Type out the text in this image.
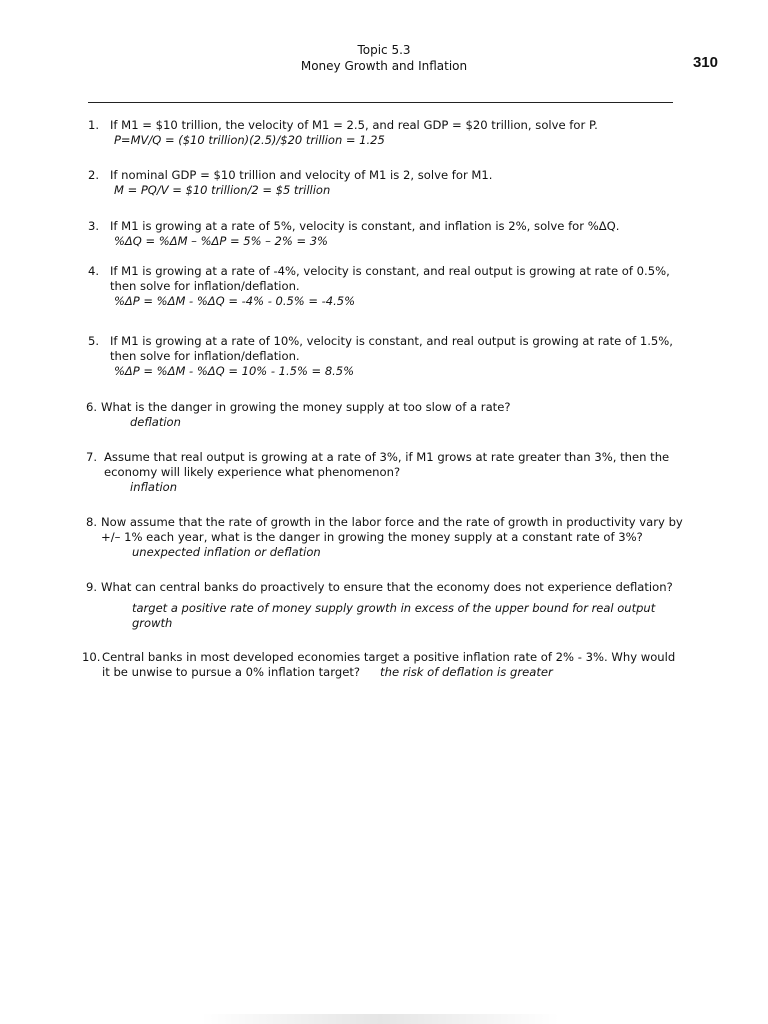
Topic 5.3
Money Growth and Inflation	310
1. If M1 = $10 trillion, the velocity of M1 = 2.5, and real GDP = $20 trillion, solve for P.
P=MV/Q = ($10 trillion)(2.5)/$20 trillion = 1.25
2. If nominal GDP = $10 trillion and velocity of M1 is 2, solve for M1.
M = PQ/V = $10 trillion/2 = $5 trillion
3. If M1 is growing at a rate of 5%, velocity is constant, and inflation is 2%, solve for %ΔQ.
%ΔQ = %ΔM – %ΔP = 5% – 2% = 3%
4. If M1 is growing at a rate of -4%, velocity is constant, and real output is growing at rate of 0.5%,
then solve for inflation/deflation.
%ΔP = %ΔM - %ΔQ = -4% - 0.5% = -4.5%
5. If M1 is growing at a rate of 10%, velocity is constant, and real output is growing at rate of 1.5%,
then solve for inflation/deflation.
%ΔP = %ΔM - %ΔQ = 10% - 1.5% = 8.5%
6. What is the danger in growing the money supply at too slow of a rate?
deflation
7. Assume that real output is growing at a rate of 3%, if M1 grows at rate greater than 3%, then the
economy will likely experience what phenomenon?
inflation
8. Now assume that the rate of growth in the labor force and the rate of growth in productivity vary by
+/– 1% each year, what is the danger in growing the money supply at a constant rate of 3%?
unexpected inflation or deflation
9. What can central banks do proactively to ensure that the economy does not experience deflation?
target a positive rate of money supply growth in excess of the upper bound for real output
growth
10. Central banks in most developed economies target a positive inflation rate of 2% - 3%. Why would
it be unwise to pursue a 0% inflation target? the risk of deflation is greater
